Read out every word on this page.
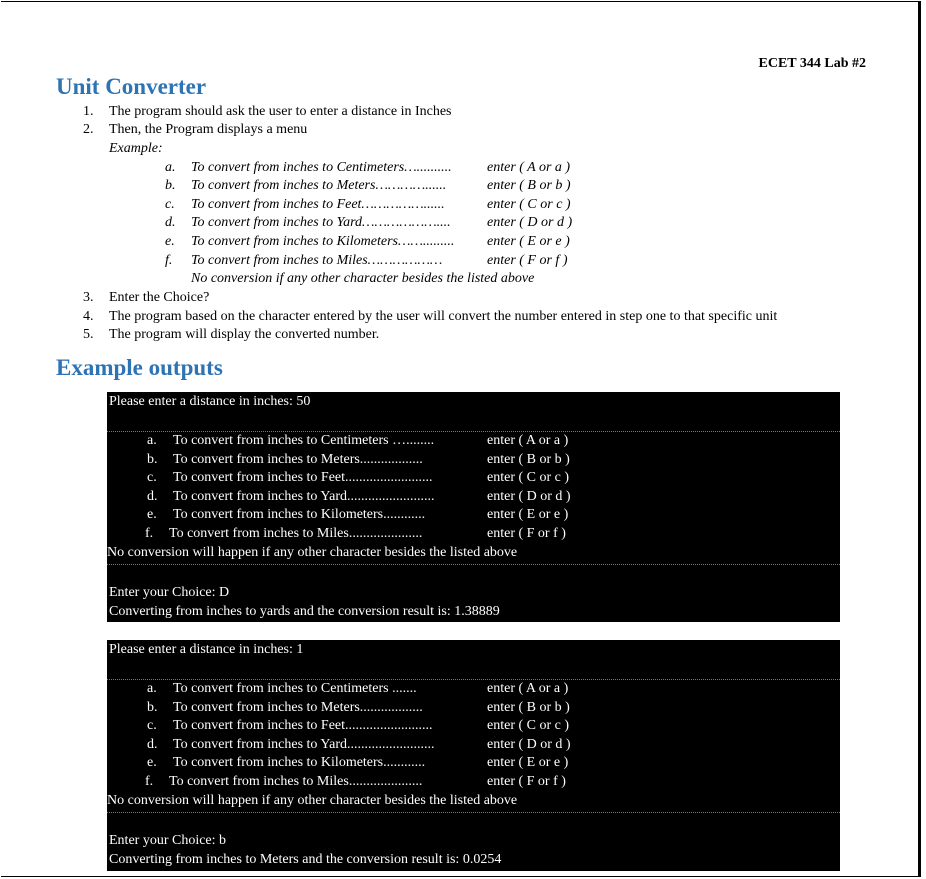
ECET 344 Lab #2
Unit Converter
1. The program should ask the user to enter a distance in Inches
2. Then, the Program displays a menu
Example:
a. To convert from inches to Centimeters…..........	enter ( A or a )
b. To convert from inches to Meters…………......	enter ( B or b )
c. To convert from inches to Feet……………......	enter ( C or c )
d. To convert from inches to Yard………………....	enter ( D or d )
e. To convert from inches to Kilometers……......... enter ( E or e )
f. To convert from inches to Miles………………	enter ( F or f )
No conversion if any other character besides the listed above
3. Enter the Choice?
4. The program based on the character entered by the user will convert the number entered in step one to that specific unit
5. The program will display the converted number.
Example outputs
Please enter a distance in inches: 50
a. To convert from inches to Centimeters …........	enter ( A or a )
b. To convert from inches to Meters..................	enter ( B or b )
c. To convert from inches to Feet.........................	enter ( C or c )
d. To convert from inches to Yard.........................	enter ( D or d )
e. To convert from inches to Kilometers............	enter ( E or e )
f. To convert from inches to Miles.....................	enter ( F or f )
No conversion will happen if any other character besides the listed above
Enter your Choice: D
Converting from inches to yards and the conversion result is: 1.38889
Please enter a distance in inches: 1
a. To convert from inches to Centimeters .......	enter ( A or a )
b. To convert from inches to Meters..................	enter ( B or b )
c. To convert from inches to Feet.........................	enter ( C or c )
d. To convert from inches to Yard.........................	enter ( D or d )
e. To convert from inches to Kilometers............	enter ( E or e )
f. To convert from inches to Miles.....................	enter ( F or f )
No conversion will happen if any other character besides the listed above
Enter your Choice: b
Converting from inches to Meters and the conversion result is: 0.0254
